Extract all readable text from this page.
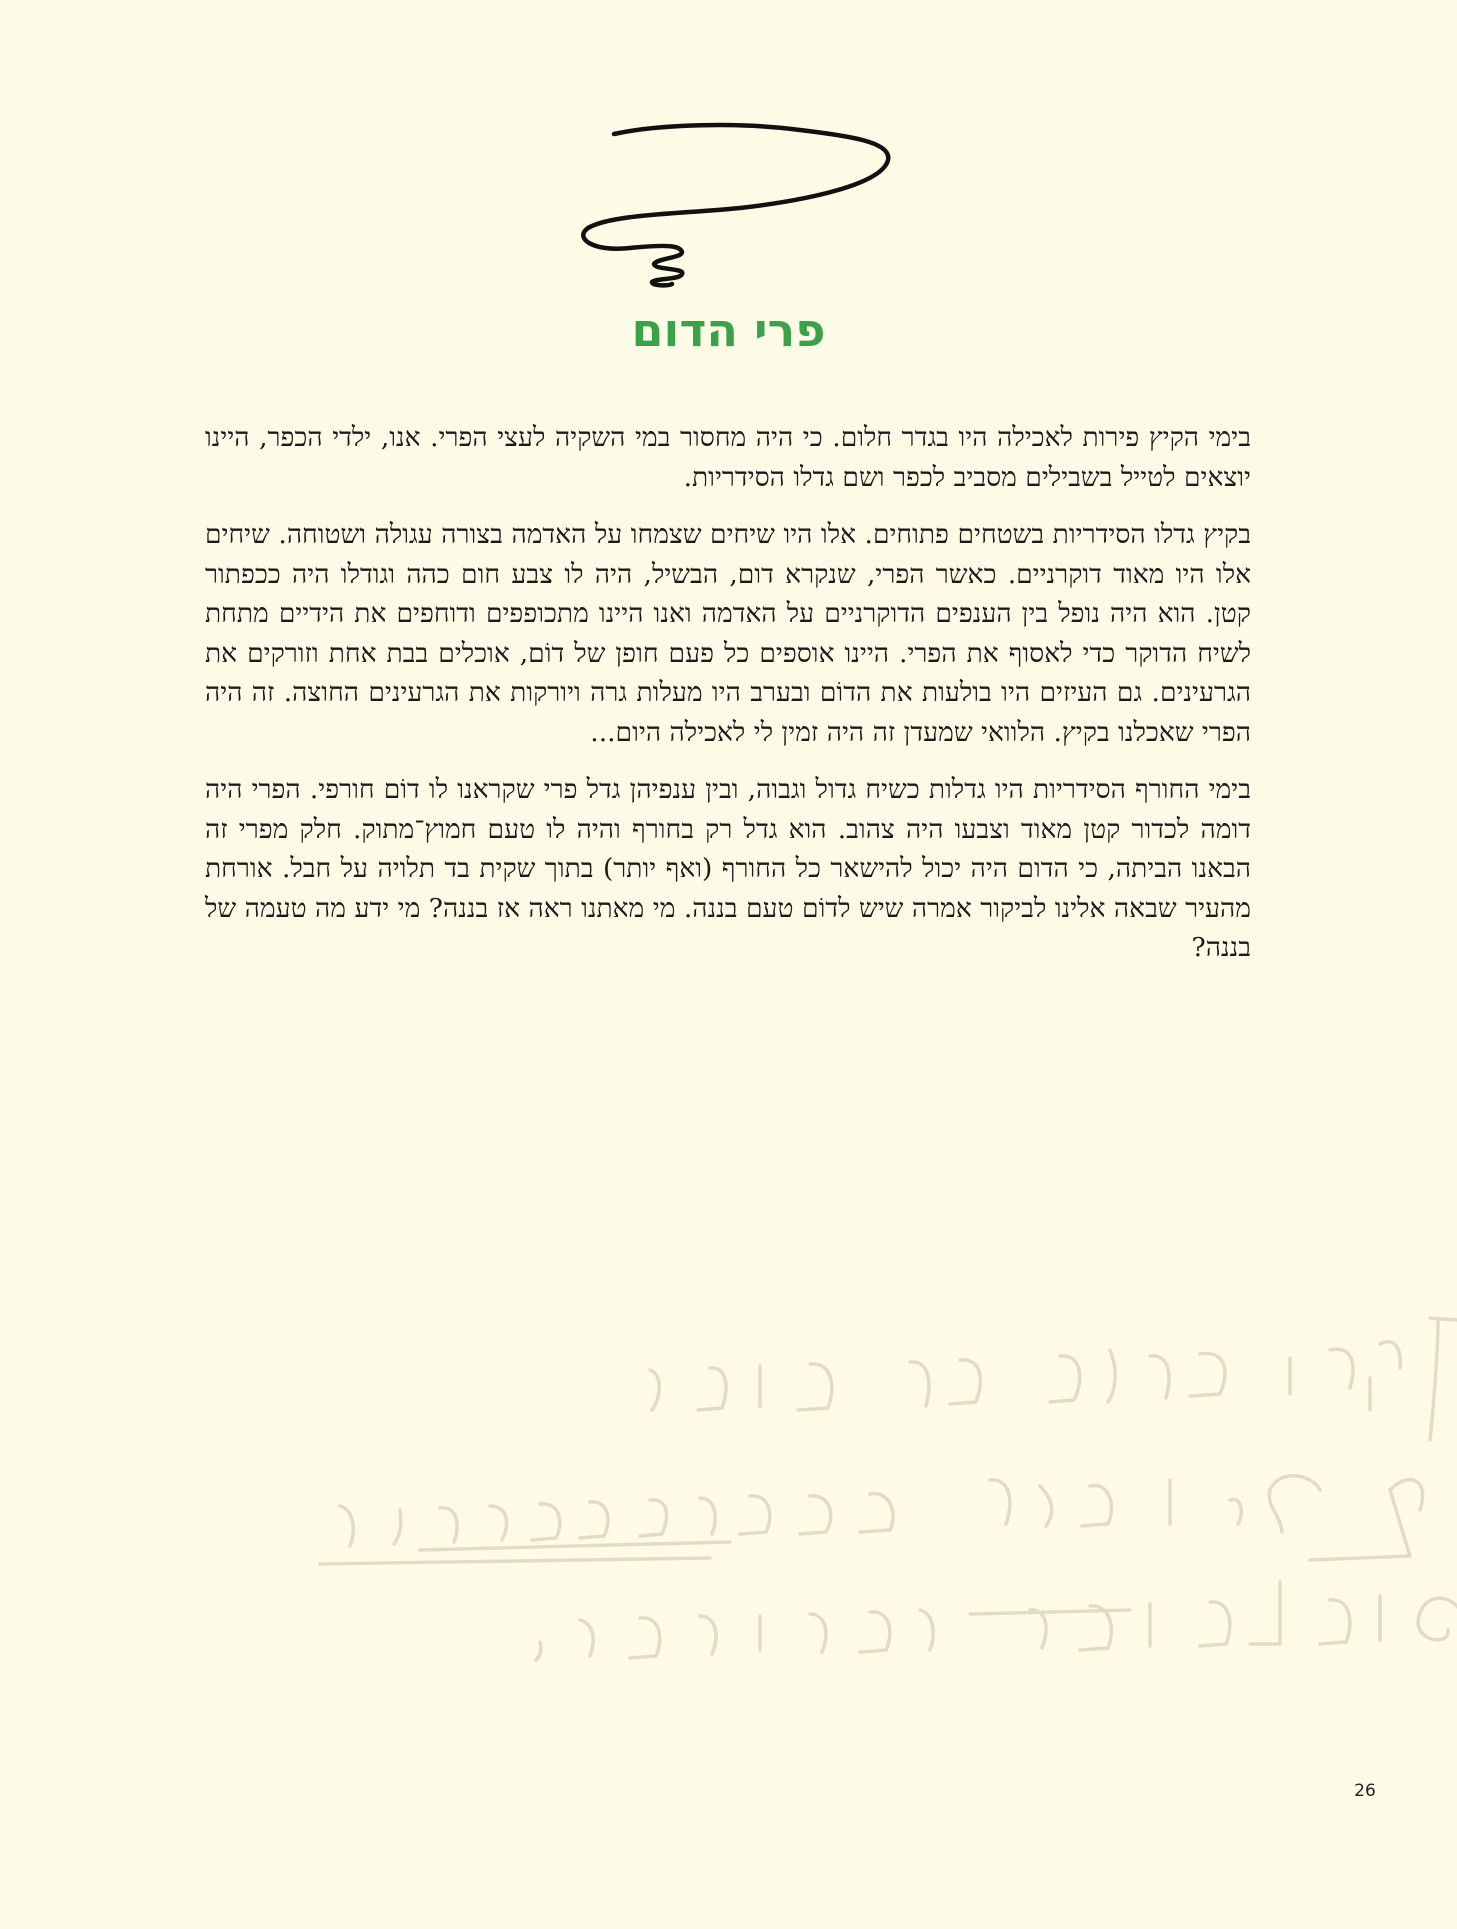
פרי הדום

בימי הקיץ פירות לאכילה היו בגדר חלום. כי היה מחסור במי השקיה לעצי הפרי. אנו, ילדי הכפר, היינו יוצאים לטייל בשבילים מסביב לכפר ושם גדלו הסידריות.

בקיץ גדלו הסידריות בשטחים פתוחים. אלו היו שיחים שצמחו על האדמה בצורה עגולה ושטוחה. שיחים אלו היו מאוד דוקרניים. כאשר הפרי, שנקרא דום, הבשיל, היה לו צבע חום כהה וגודלו היה ככפתור קטן. הוא היה נופל בין הענפים הדוקרניים על האדמה ואנו היינו מתכופפים ודוחפים את הידיים מתחת לשיח הדוקר כדי לאסוף את הפרי. היינו אוספים כל פעם חופן של דוֹם, אוכלים בבת אחת וזורקים את הגרעינים. גם העיזים היו בולעות את הדוֹם ובערב היו מעלות גרה ויורקות את הגרעינים החוצה. זה היה הפרי שאכלנו בקיץ. הלוואי שמעדן זה היה זמין לי לאכילה היום...

בימי החורף הסידריות היו גדלות כשיח גדול וגבוה, ובין ענפיהן גדל פרי שקראנו לו דוֹם חורפי. הפרי היה דומה לכדור קטן מאוד וצבעו היה צהוב. הוא גדל רק בחורף והיה לו טעם חמוץ־מתוק. חלק מפרי זה הבאנו הביתה, כי הדום היה יכול להישאר כל החורף (ואף יותר) בתוך שקית בד תלויה על חבל. אורחת מהעיר שבאה אלינו לביקור אמרה שיש לדוֹם טעם בננה. מי מאתנו ראה אז בננה? מי ידע מה טעמה של בננה?

26
